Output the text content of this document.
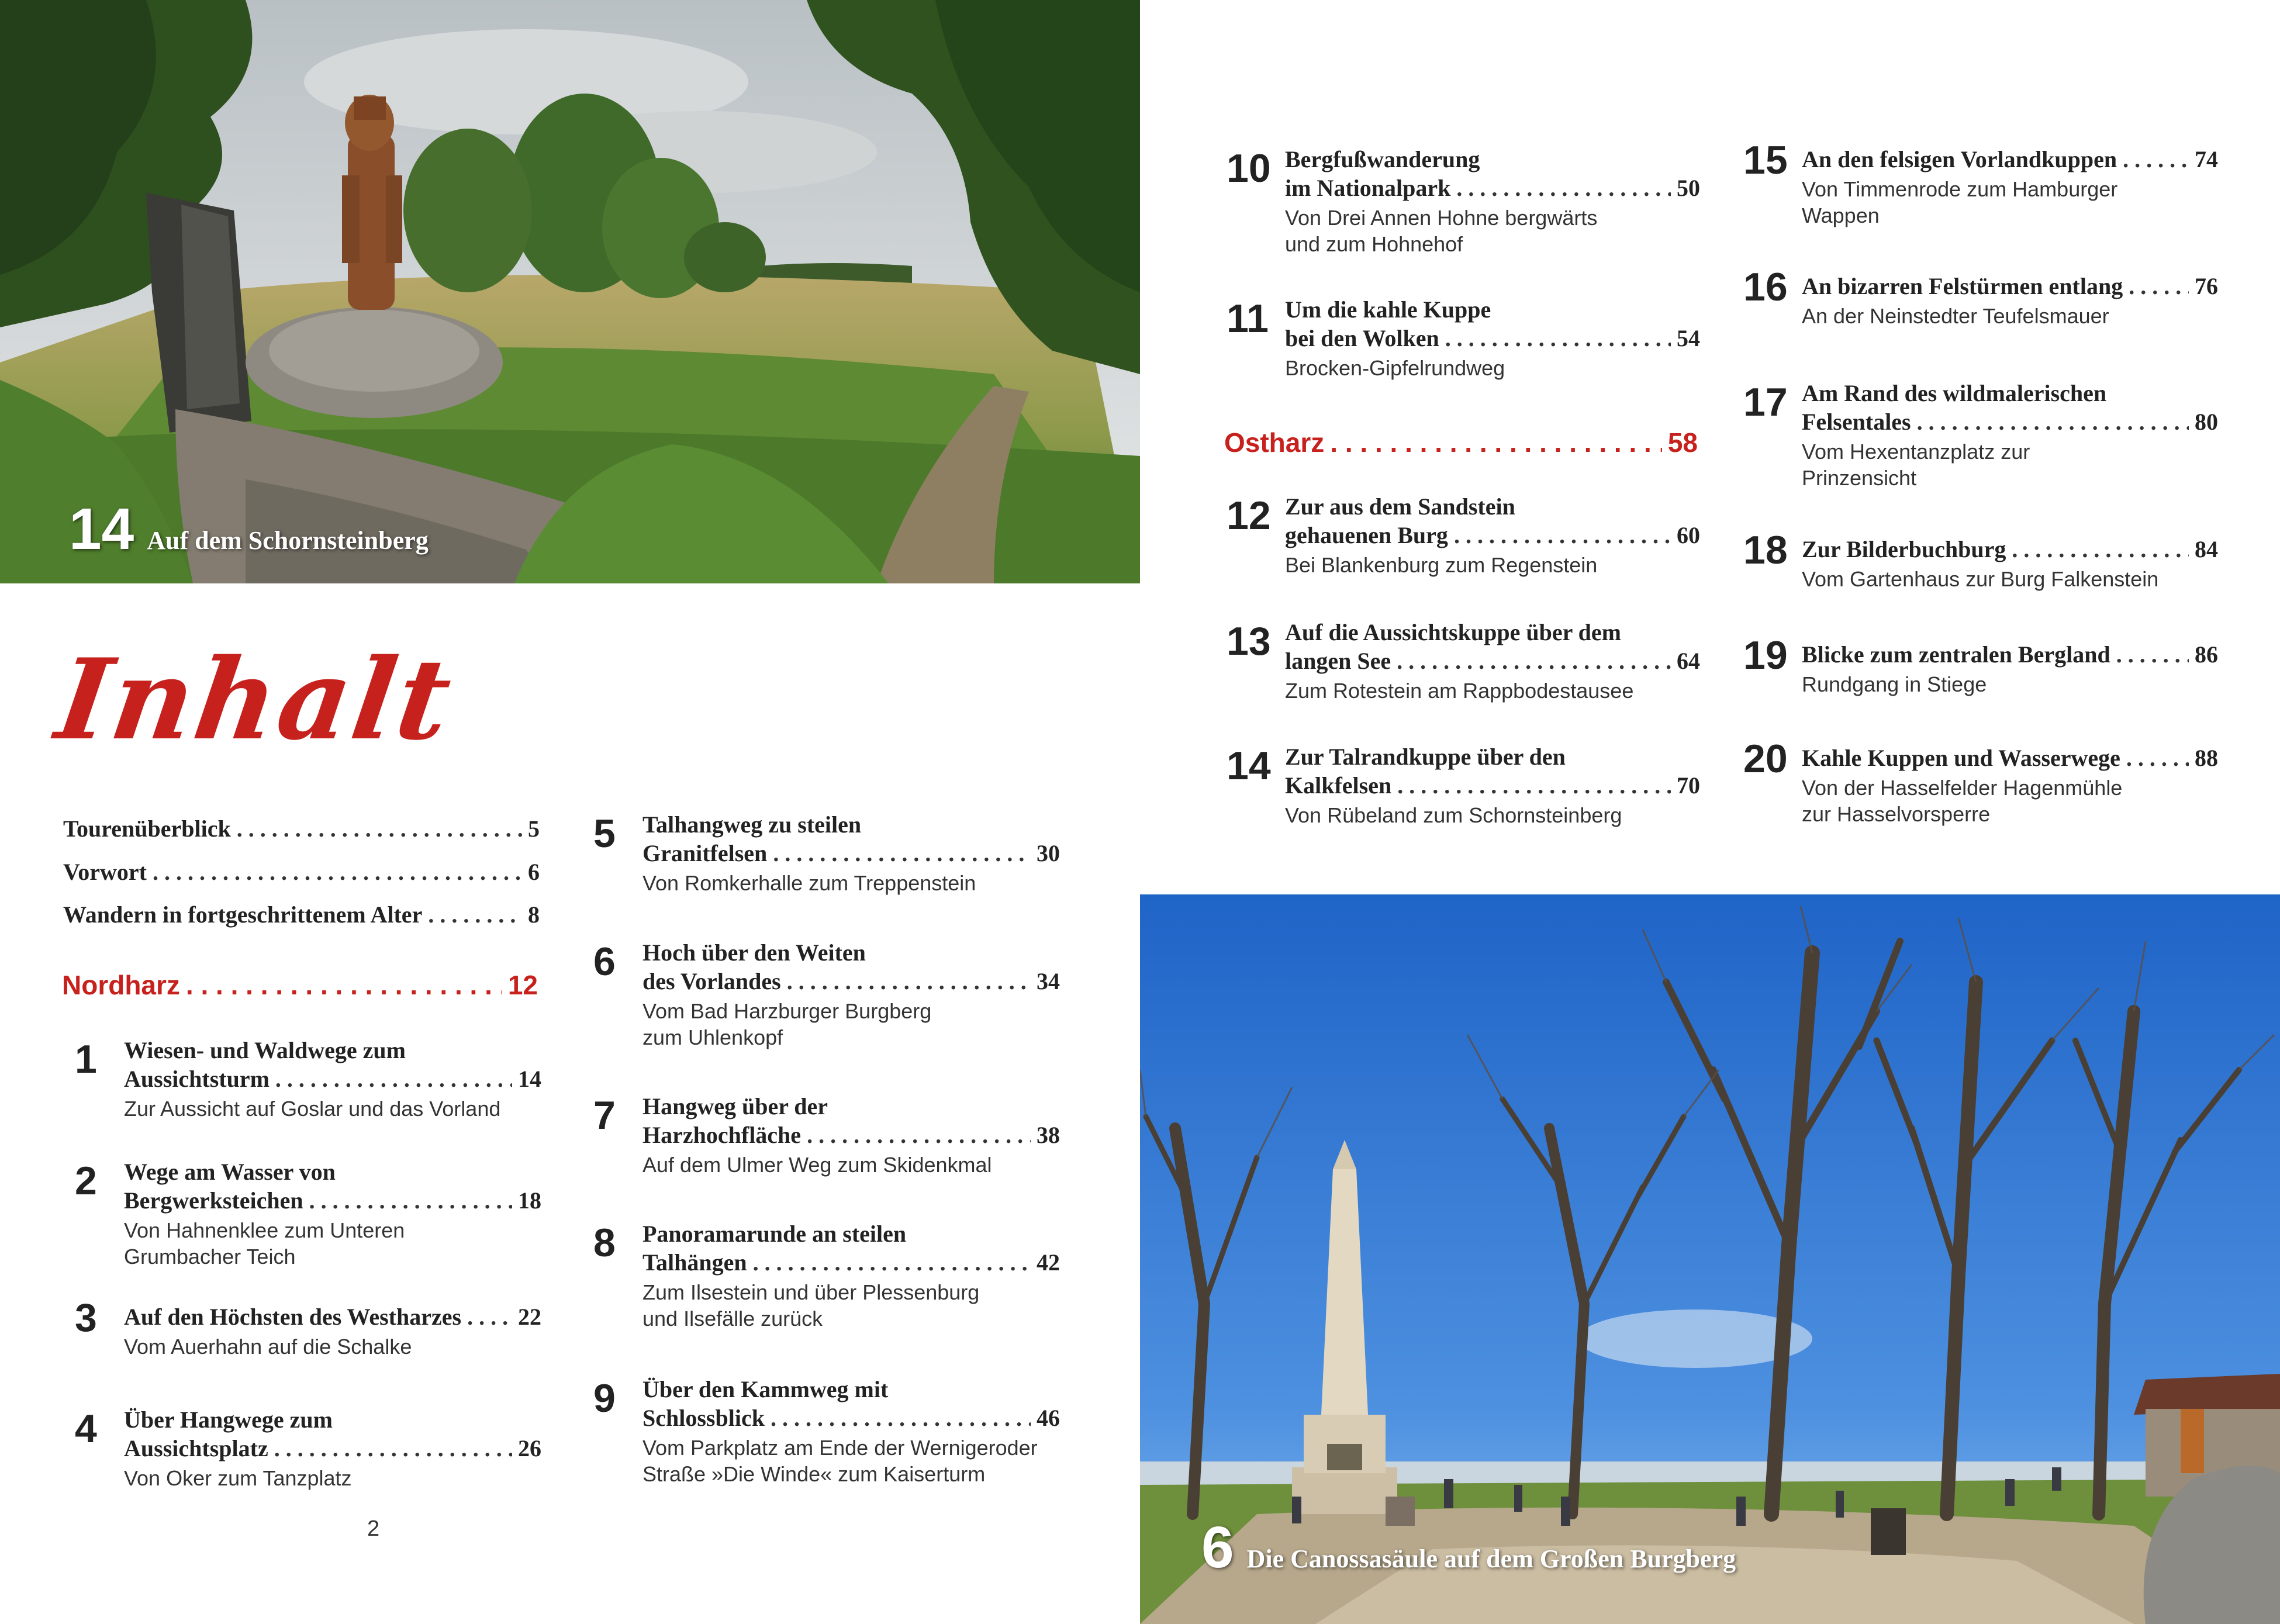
14 Auf dem Schornsteinberg
6 Die Canossasäule auf dem Großen Burgberg
Inhalt
Tourenüberblick . . .	5
Vorwort . . .	6
Wandern in fortgeschrittenem Alter . . .	8
Nordharz . . .	12
Ostharz . . .	58
1 Wiesen- und Waldwege zum
Aussichtsturm . . .	14
Zur Aussicht auf Goslar und das Vorland
2 Wege am Wasser von
Bergwerksteichen . . .	18
Von Hahnenklee zum Unteren
Grumbacher Teich
3 Auf den Höchsten des Westharzes . . . 22
Vom Auerhahn auf die Schalke
4 Über Hangwege zum
Aussichtsplatz . . .	26
Von Oker zum Tanzplatz
5 Talhangweg zu steilen
Granitfelsen . . .	30
Von Romkerhalle zum Treppenstein
6 Hoch über den Weiten
des Vorlandes . . .	34
Vom Bad Harzburger Burgberg
zum Uhlenkopf
7 Hangweg über der
Harzhochfläche . . .	38
Auf dem Ulmer Weg zum Skidenkmal
8 Panoramarunde an steilen
Talhängen . . .	42
Zum Ilsestein und über Plessenburg
und Ilsefälle zurück
9 Über den Kammweg mit
Schlossblick . . .	46
Vom Parkplatz am Ende der Wernigeroder
Straße »Die Winde« zum Kaiserturm
10 Bergfußwanderung
im Nationalpark . . .	50
Von Drei Annen Hohne bergwärts
und zum Hohnehof
11 Um die kahle Kuppe
bei den Wolken . . .	54
Brocken-Gipfelrundweg
12 Zur aus dem Sandstein
gehauenen Burg . . .	60
Bei Blankenburg zum Regenstein
13 Auf die Aussichtskuppe über dem
langen See . . .	64
Zum Rotestein am Rappbodestausee
14 Zur Talrandkuppe über den
Kalkfelsen . . .	70
Von Rübeland zum Schornsteinberg
15 An den felsigen Vorlandkuppen . . .	74
Von Timmenrode zum Hamburger
Wappen
16 An bizarren Felstürmen entlang . . .	76
An der Neinstedter Teufelsmauer
17 Am Rand des wildmalerischen
Felsentales . . .	80
Vom Hexentanzplatz zur
Prinzensicht
18 Zur Bilderbuchburg . . .	84
Vom Gartenhaus zur Burg Falkenstein
19 Blicke zum zentralen Bergland . . .	86
Rundgang in Stiege
20 Kahle Kuppen und Wasserwege . . .	88
Von der Hasselfelder Hagenmühle
zur Hasselvorsperre
2
